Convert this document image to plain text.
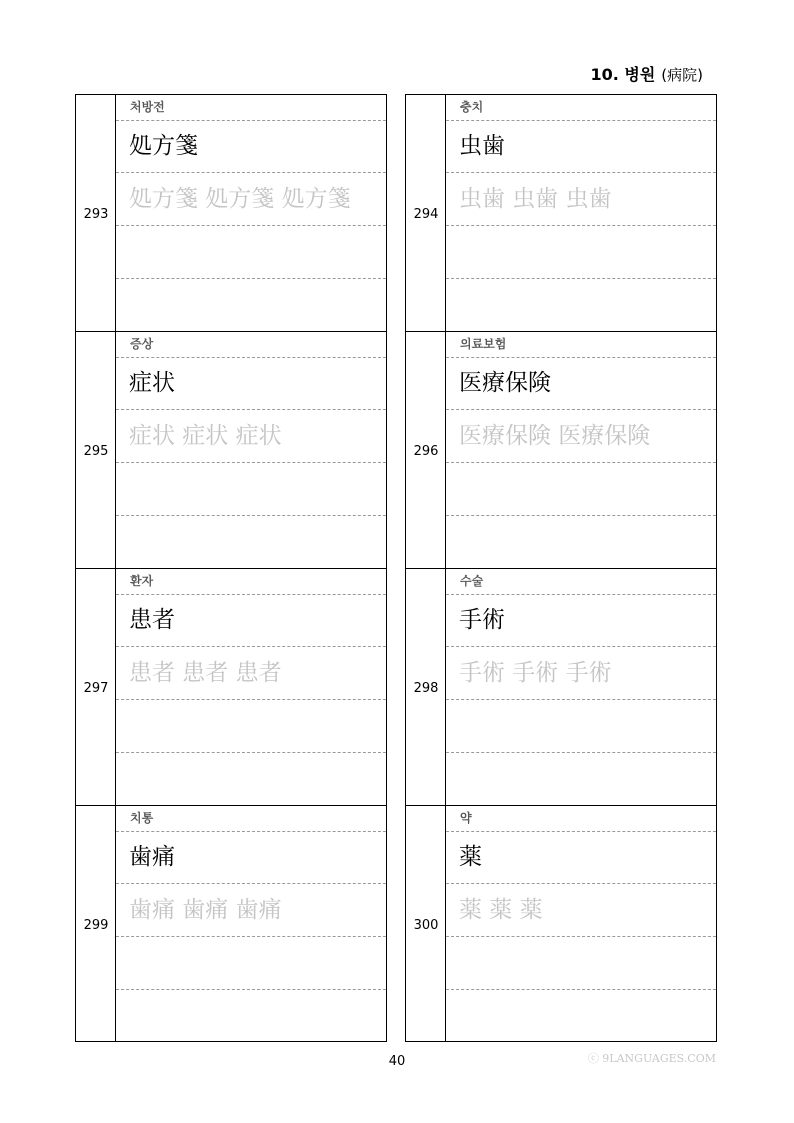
10. 병원 (病院)
293
처방전
処方箋
処方箋 処方箋 処方箋
294
충치
虫歯
虫歯 虫歯 虫歯
295
증상
症状
症状 症状 症状
296
의료보험
医療保険
医療保険 医療保険
297
환자
患者
患者 患者 患者
298
수술
手術
手術 手術 手術
299
치통
歯痛
歯痛 歯痛 歯痛
300
약
薬
薬 薬 薬
40	ⓒ 9LANGUAGES.COM
